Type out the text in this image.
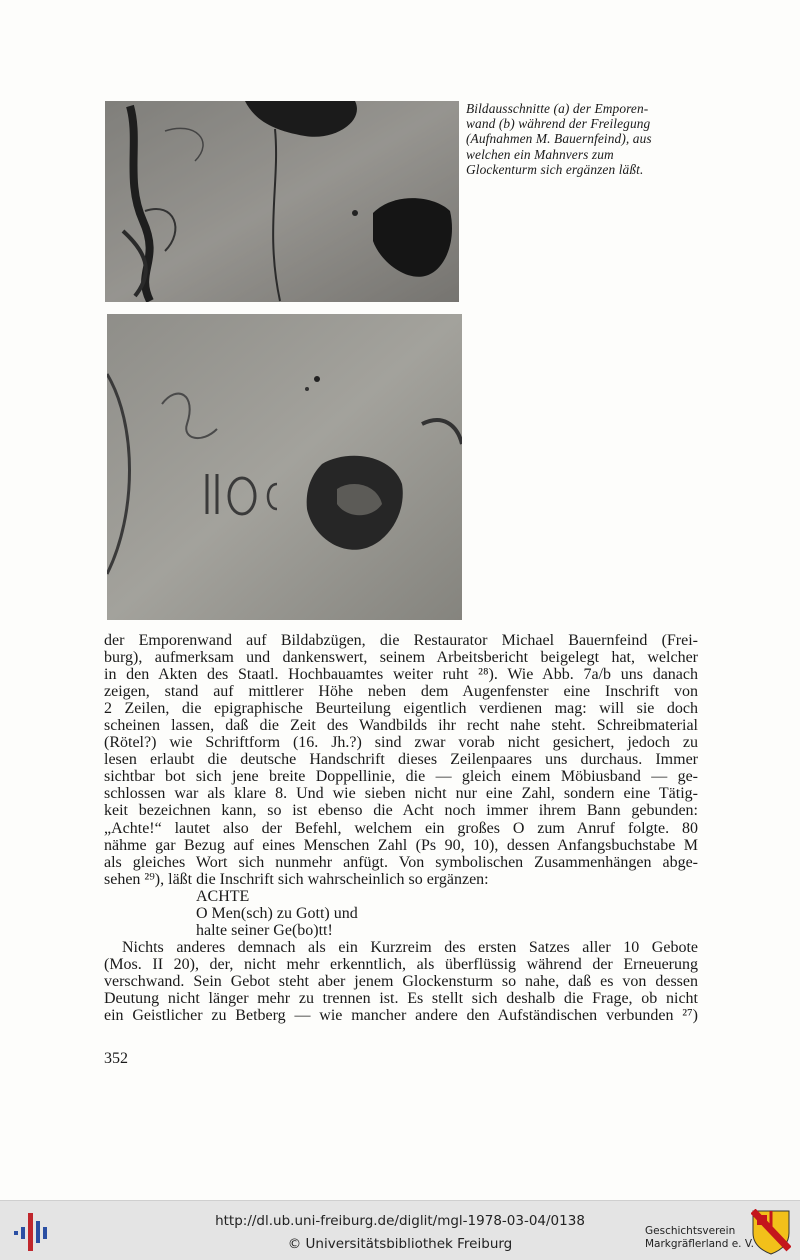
Bildausschnitte (a) der Emporen-
wand (b) während der Freilegung
(Aufnahmen M. Bauernfeind), aus
welchen ein Mahnvers zum
Glockenturm sich ergänzen läßt.
der Emporenwand auf Bildabzügen, die Restaurator Michael Bauernfeind (Frei-
burg), aufmerksam und dankenswert, seinem Arbeitsbericht beigelegt hat, welcher
in den Akten des Staatl. Hochbauamtes weiter ruht ²⁸). Wie Abb. 7a/b uns danach
zeigen, stand auf mittlerer Höhe neben dem Augenfenster eine Inschrift von
2 Zeilen, die epigraphische Beurteilung eigentlich verdienen mag: will sie doch
scheinen lassen, daß die Zeit des Wandbilds ihr recht nahe steht. Schreibmaterial
(Rötel?) wie Schriftform (16. Jh.?) sind zwar vorab nicht gesichert, jedoch zu
lesen erlaubt die deutsche Handschrift dieses Zeilenpaares uns durchaus. Immer
sichtbar bot sich jene breite Doppellinie, die — gleich einem Möbiusband — ge-
schlossen war als klare 8. Und wie sieben nicht nur eine Zahl, sondern eine Tätig-
keit bezeichnen kann, so ist ebenso die Acht noch immer ihrem Bann gebunden:
„Achte!“ lautet also der Befehl, welchem ein großes O zum Anruf folgte. 80
nähme gar Bezug auf eines Menschen Zahl (Ps 90, 10), dessen Anfangsbuchstabe M
als gleiches Wort sich nunmehr anfügt. Von symbolischen Zusammenhängen abge-
sehen ²⁹), läßt die Inschrift sich wahrscheinlich so ergänzen:
ACHTE
O Men(sch) zu Gott) und
halte seiner Ge(bo)tt!
Nichts anderes demnach als ein Kurzreim des ersten Satzes aller 10 Gebote
(Mos. II 20), der, nicht mehr erkenntlich, als überflüssig während der Erneuerung
verschwand. Sein Gebot steht aber jenem Glockensturm so nahe, daß es von dessen
Deutung nicht länger mehr zu trennen ist. Es stellt sich deshalb die Frage, ob nicht
ein Geistlicher zu Betberg — wie mancher andere den Aufständischen verbunden ²⁷)
352
http://dl.ub.uni-freiburg.de/diglit/mgl-1978-03-04/0138
© Universitätsbibliothek Freiburg
Geschichtsverein
Markgräflerland e. V.
